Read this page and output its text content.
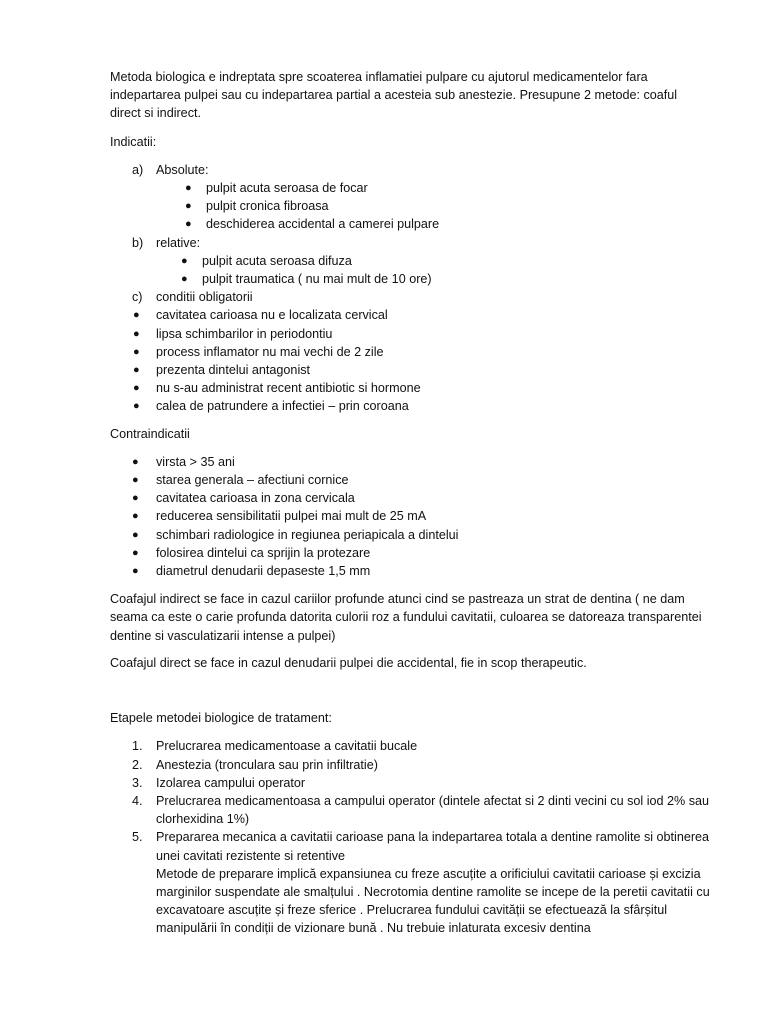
Metoda biologica e indreptata spre scoaterea inflamatiei pulpare cu ajutorul medicamentelor fara indepartarea pulpei sau cu indepartarea partial a acesteia sub anestezie. Presupune 2 metode: coaful direct si indirect.

Indicatii:

a) Absolute:
● pulpit acuta seroasa de focar
● pulpit cronica fibroasa
● deschiderea accidental a camerei pulpare
b) relative:
● pulpit acuta seroasa difuza
● pulpit traumatica ( nu mai mult de 10 ore)
c) conditii obligatorii
● cavitatea carioasa nu e localizata cervical
● lipsa schimbarilor in periodontiu
● process inflamator nu mai vechi de 2 zile
● prezenta dintelui antagonist
● nu s-au administrat recent antibiotic si hormone
● calea de patrundere a infectiei – prin coroana

Contraindicatii

● virsta > 35 ani
● starea generala – afectiuni cornice
● cavitatea carioasa in zona cervicala
● reducerea sensibilitatii pulpei mai mult de 25 mA
● schimbari radiologice in regiunea periapicala a dintelui
● folosirea dintelui ca sprijin la protezare
● diametrul denudarii depaseste 1,5 mm

Coafajul indirect se face in cazul cariilor profunde atunci cind se pastreaza un strat de dentina ( ne dam seama ca este o carie profunda datorita culorii roz a fundului cavitatii, culoarea se datoreaza transparentei dentine si vasculatizarii intense a pulpei)

Coafajul direct se face in cazul denudarii pulpei die accidental, fie in scop therapeutic.

Etapele metodei biologice de tratament:

1. Prelucrarea medicamentoase a cavitatii bucale
2. Anestezia (tronculara sau prin infiltratie)
3. Izolarea campului operator
4. Prelucrarea medicamentoasa a campului operator (dintele afectat si 2 dinti vecini cu sol iod 2% sau clorhexidina 1%)
5. Prepararea mecanica a cavitatii carioase pana la indepartarea totala a dentine ramolite si obtinerea unei cavitati rezistente si retentive
Metode de preparare implică expansiunea cu freze ascuțite a orificiului cavitatii carioase și excizia marginilor suspendate ale smalțului . Necrotomia dentine ramolite se incepe de la peretii cavitatii cu excavatoare ascuțite și freze sferice . Prelucrarea fundului cavității se efectuează la sfârșitul manipulării în condiții de vizionare bună . Nu trebuie inlaturata excesiv dentina
